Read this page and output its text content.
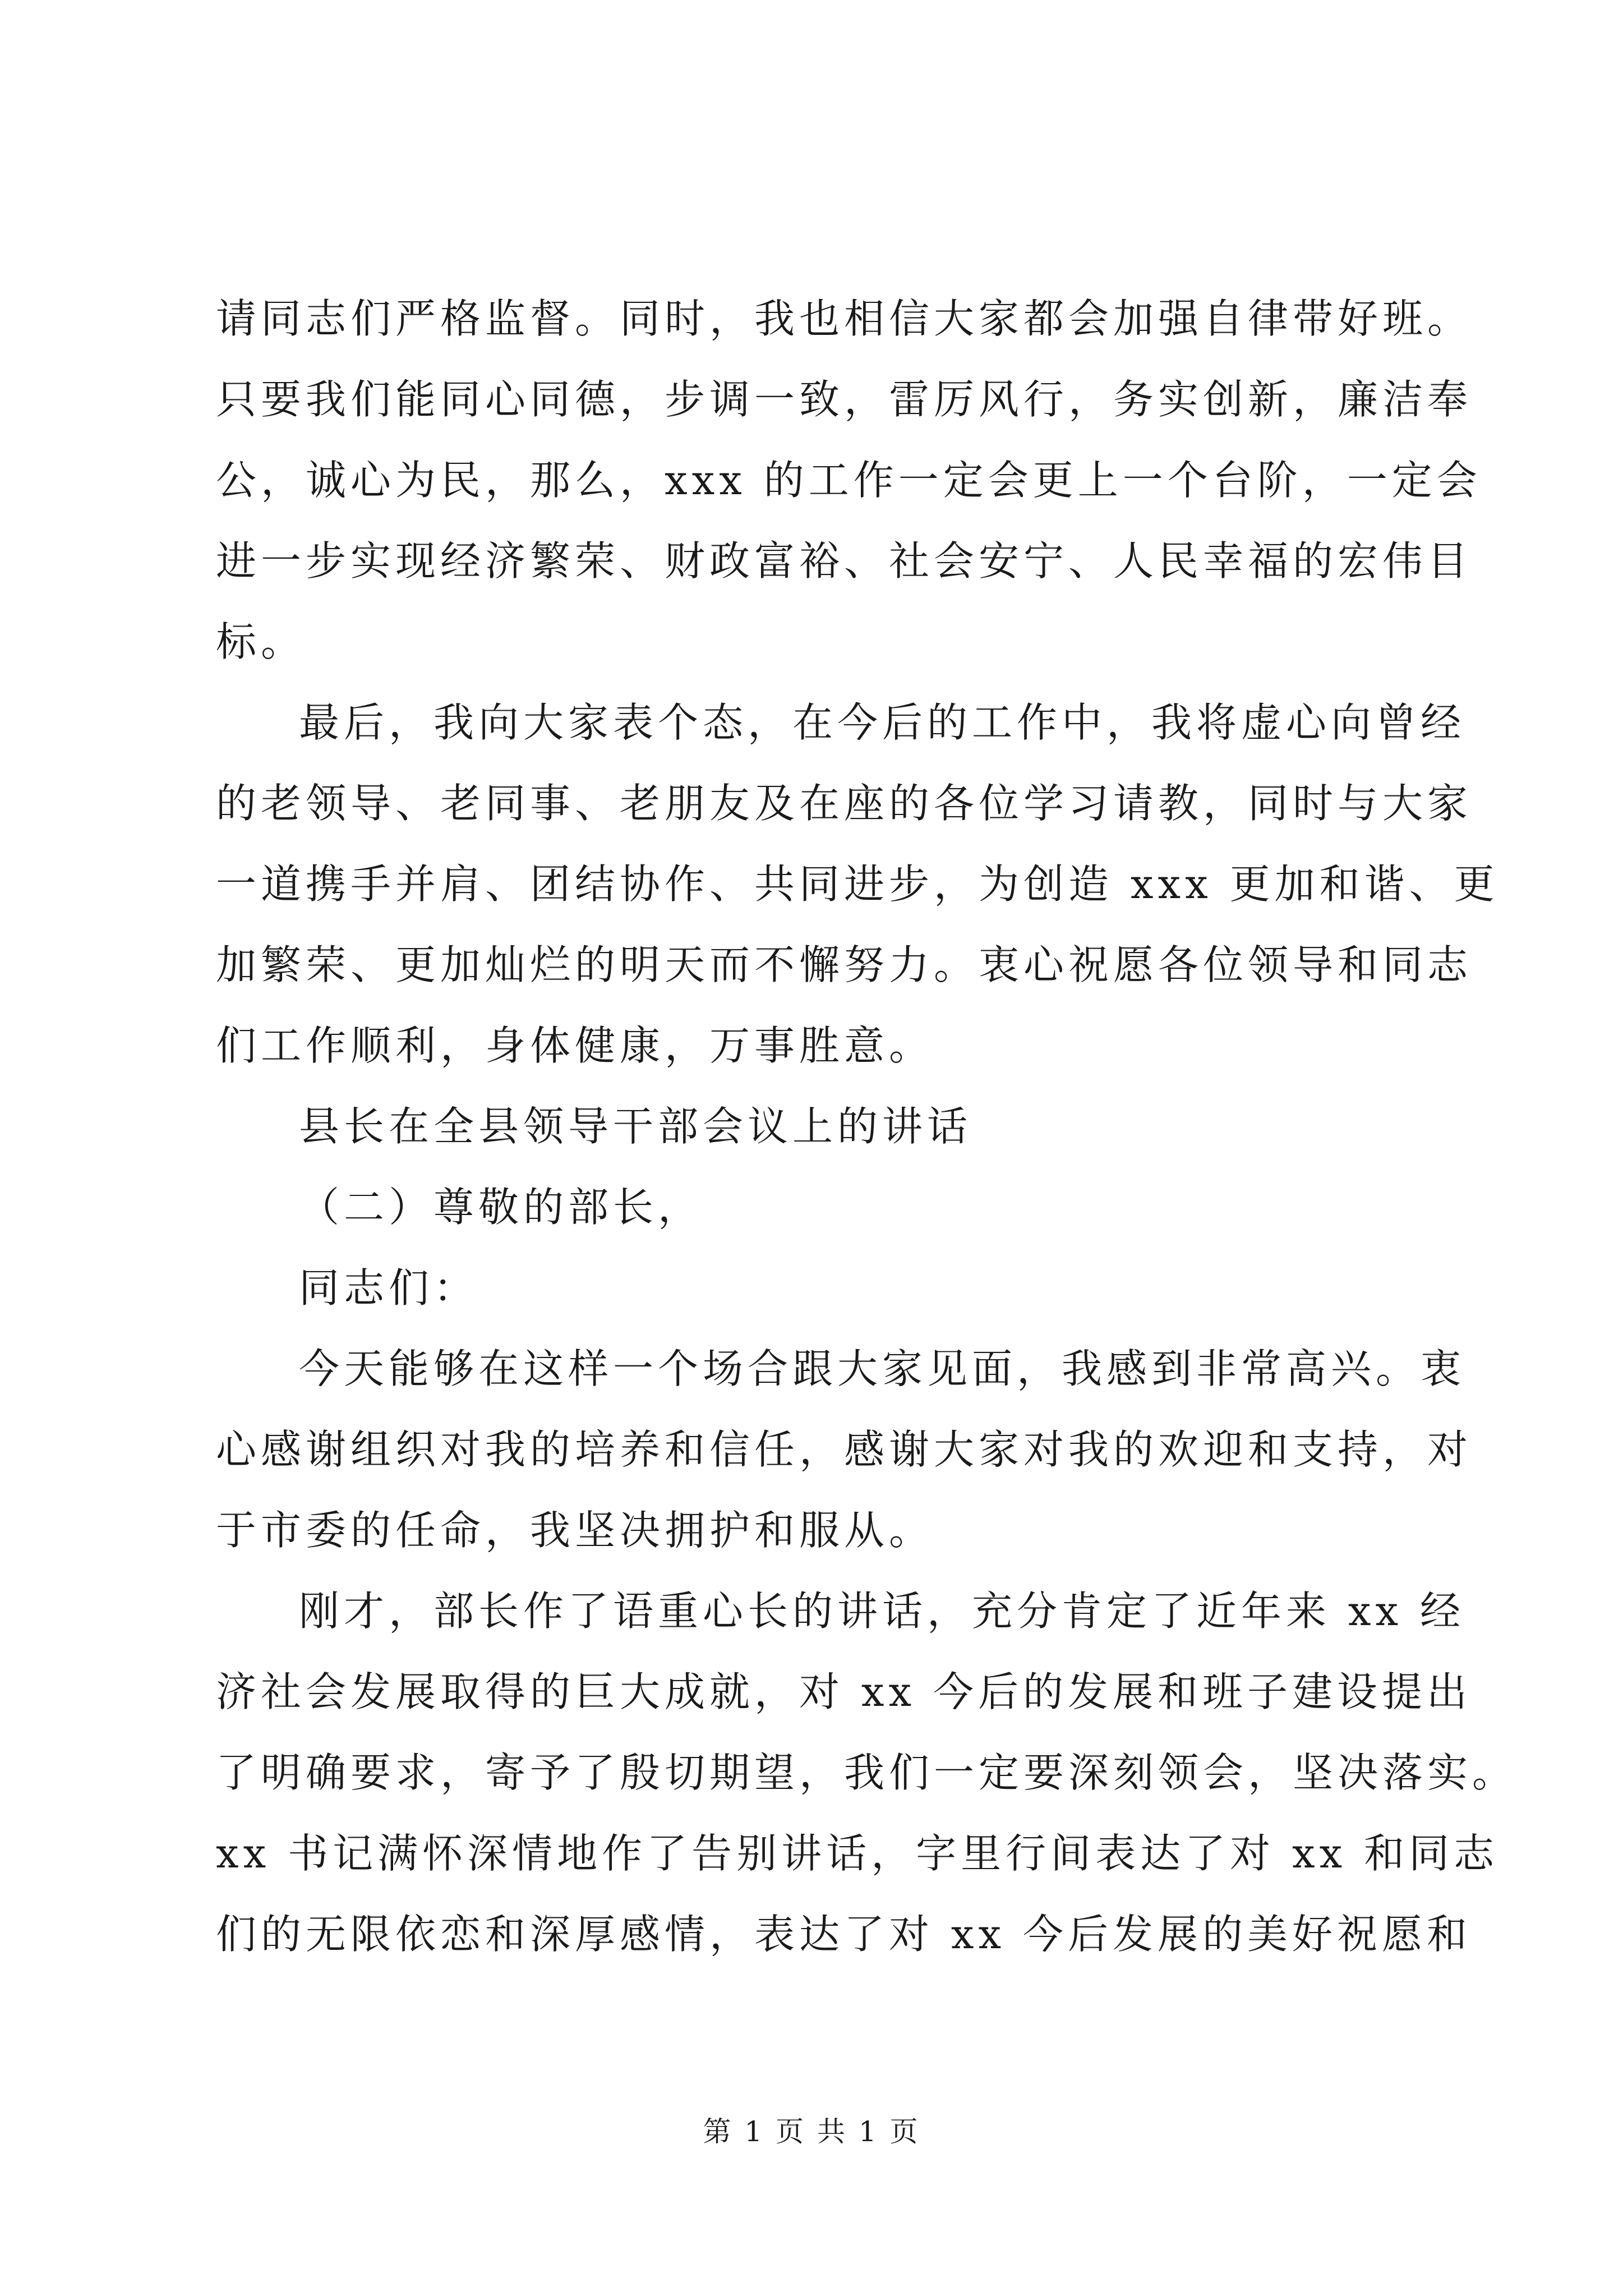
请同志们严格监督。同时，我也相信大家都会加强自律带好班。
只要我们能同心同德，步调一致，雷厉风行，务实创新，廉洁奉
公，诚心为民，那么，xxx 的工作一定会更上一个台阶，一定会
进一步实现经济繁荣、财政富裕、社会安宁、人民幸福的宏伟目
标。
最后，我向大家表个态，在今后的工作中，我将虚心向曾经
的老领导、老同事、老朋友及在座的各位学习请教，同时与大家
一道携手并肩、团结协作、共同进步，为创造 xxx 更加和谐、更
加繁荣、更加灿烂的明天而不懈努力。衷心祝愿各位领导和同志
们工作顺利，身体健康，万事胜意。
县长在全县领导干部会议上的讲话
（二）尊敬的部长，
同志们：
今天能够在这样一个场合跟大家见面，我感到非常高兴。衷
心感谢组织对我的培养和信任，感谢大家对我的欢迎和支持，对
于市委的任命，我坚决拥护和服从。
刚才，部长作了语重心长的讲话，充分肯定了近年来 xx 经
济社会发展取得的巨大成就，对 xx 今后的发展和班子建设提出
了明确要求，寄予了殷切期望，我们一定要深刻领会，坚决落实。
xx 书记满怀深情地作了告别讲话，字里行间表达了对 xx 和同志
们的无限依恋和深厚感情，表达了对 xx 今后发展的美好祝愿和
第 1 页 共 1 页
